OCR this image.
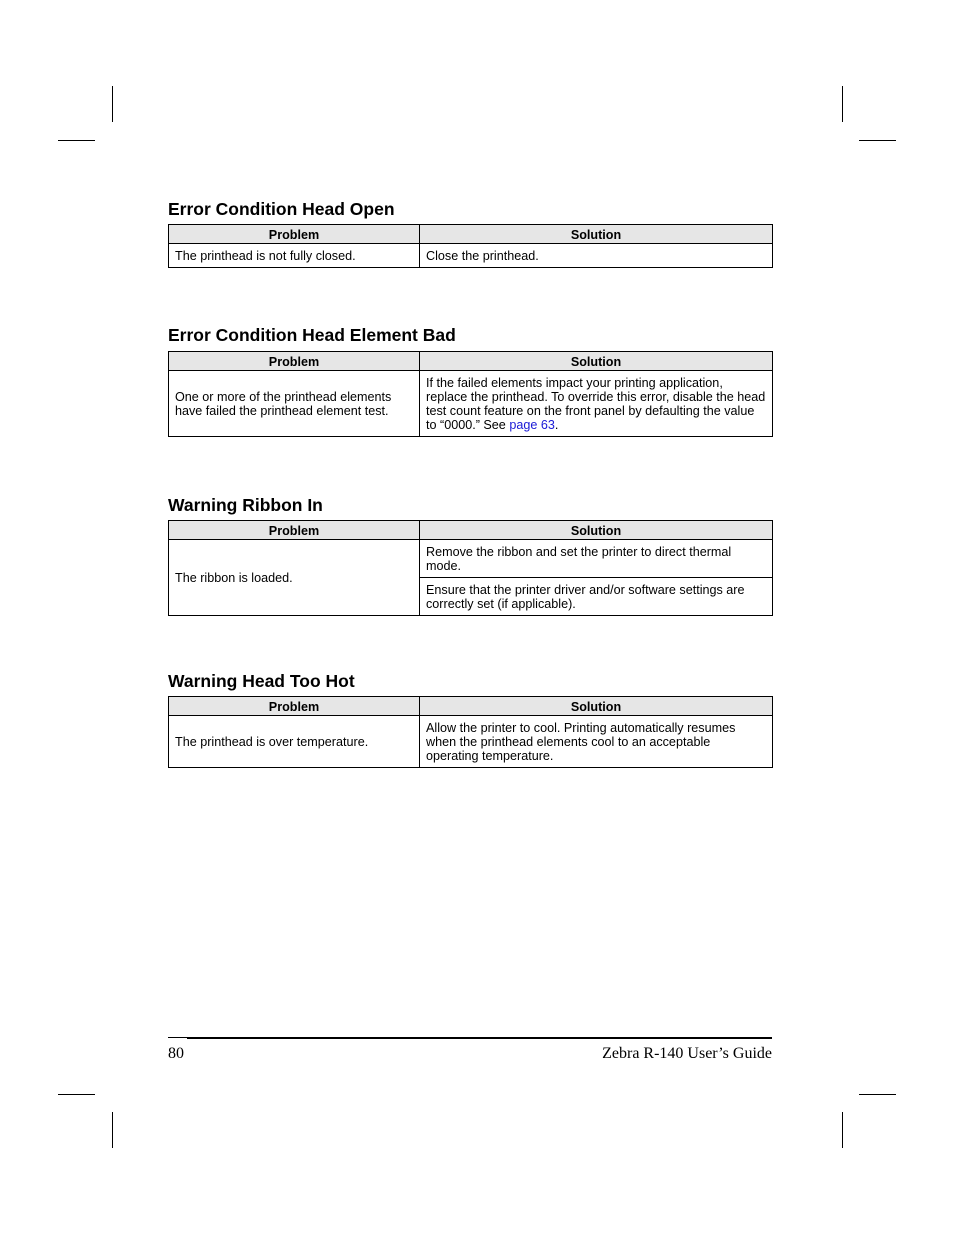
Error Condition Head Open
Problem	Solution
The printhead is not fully closed.	Close the printhead.
Error Condition Head Element Bad
Problem	Solution
One or more of the printhead elements have failed the printhead element test.	If the failed elements impact your printing application, replace the printhead. To override this error, disable the head test count feature on the front panel by defaulting the value to “0000.” See page 63.
Warning Ribbon In
Problem	Solution
The ribbon is loaded.	Remove the ribbon and set the printer to direct thermal mode.
	Ensure that the printer driver and/or software settings are correctly set (if applicable).
Warning Head Too Hot
Problem	Solution
The printhead is over temperature.	Allow the printer to cool. Printing automatically resumes when the printhead elements cool to an acceptable operating temperature.
80	Zebra R-140 User’s Guide
